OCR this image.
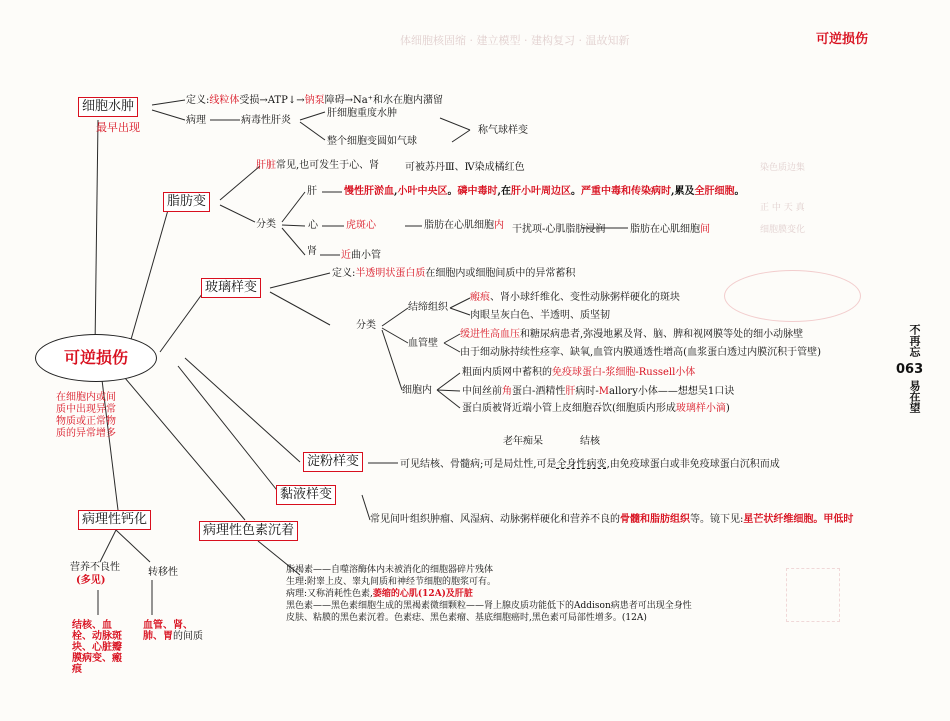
体细胞核固缩 · 建立模型 · 建构复习 · 温故知新
染色质边集
正 中 天 真
细胞膜变化
可逆损伤
不再忘
063
易在望
可逆损伤
在细胞内或间质中出现异常物质或正常物质的异常增多
细胞水肿
最早出现
定义:线粒体受损→ATP↓→钠泵障碍→Na⁺和水在胞内潴留
病理	病毒性肝炎
肝细胞重度水肿
整个细胞变圆如气球
称气球样变
脂肪变
肝脏常见,也可发生于心、肾	可被苏丹Ⅲ、Ⅳ染成橘红色
分类
肝	慢性肝淤血,小叶中央区。磷中毒时,在肝小叶周边区。严重中毒和传染病时,累及全肝细胞。
心	虎斑心	脂肪在心肌细胞内 干扰项-心肌脂肪浸润 脂肪在心肌细胞间
肾 近曲小管
玻璃样变
定义:半透明状蛋白质在细胞内或细胞间质中的异常蓄积
分类
结缔组织
瘢痕、肾小球纤维化、变性动脉粥样硬化的斑块
肉眼呈灰白色、半透明、质坚韧
血管壁
缓进性高血压和糖尿病患者,弥漫地累及肾、脑、脾和视网膜等处的细小动脉壁
由于细动脉持续性痉挛、缺氧,血管内膜通透性增高(血浆蛋白透过内膜沉积于管壁)
细胞内
粗面内质网中蓄积的免疫球蛋白-浆细胞-Russell小体
中间丝前角蛋白-酒精性肝病时-Mallory小体——想想吴1口诀
蛋白质被肾近端小管上皮细胞吞饮(细胞质内形成玻璃样小滴)
淀粉样变
老年痴呆	结核
可见结核、骨髓病;可是局灶性,可是全身性病变,由免疫球蛋白或非免疫球蛋白沉积而成
黏液样变
常见间叶组织肿瘤、风湿病、动脉粥样硬化和营养不良的骨髓和脂肪组织等。镜下见:星芒状纤维细胞。甲低时
病理性钙化
营养不良性
(多见)
转移性
结核、血
栓、动脉斑
块、心脏瓣
膜病变、瘢
痕
血管、肾、
肺、胃的间质
病理性色素沉着
脂褐素——自噬溶酶体内未被消化的细胞器碎片残体
生理:附睾上皮、睾丸间质和神经节细胞的胞浆可有。
病理:又称消耗性色素,萎缩的心肌(12A)及肝脏
黑色素——黑色素细胞生成的黑褐素微细颗粒——肾上腺皮质功能低下的Addison病患者可出现全身性
皮肤、粘膜的黑色素沉着。色素痣、黑色素瘤、基底细胞癌时,黑色素可局部性增多。(12A)
